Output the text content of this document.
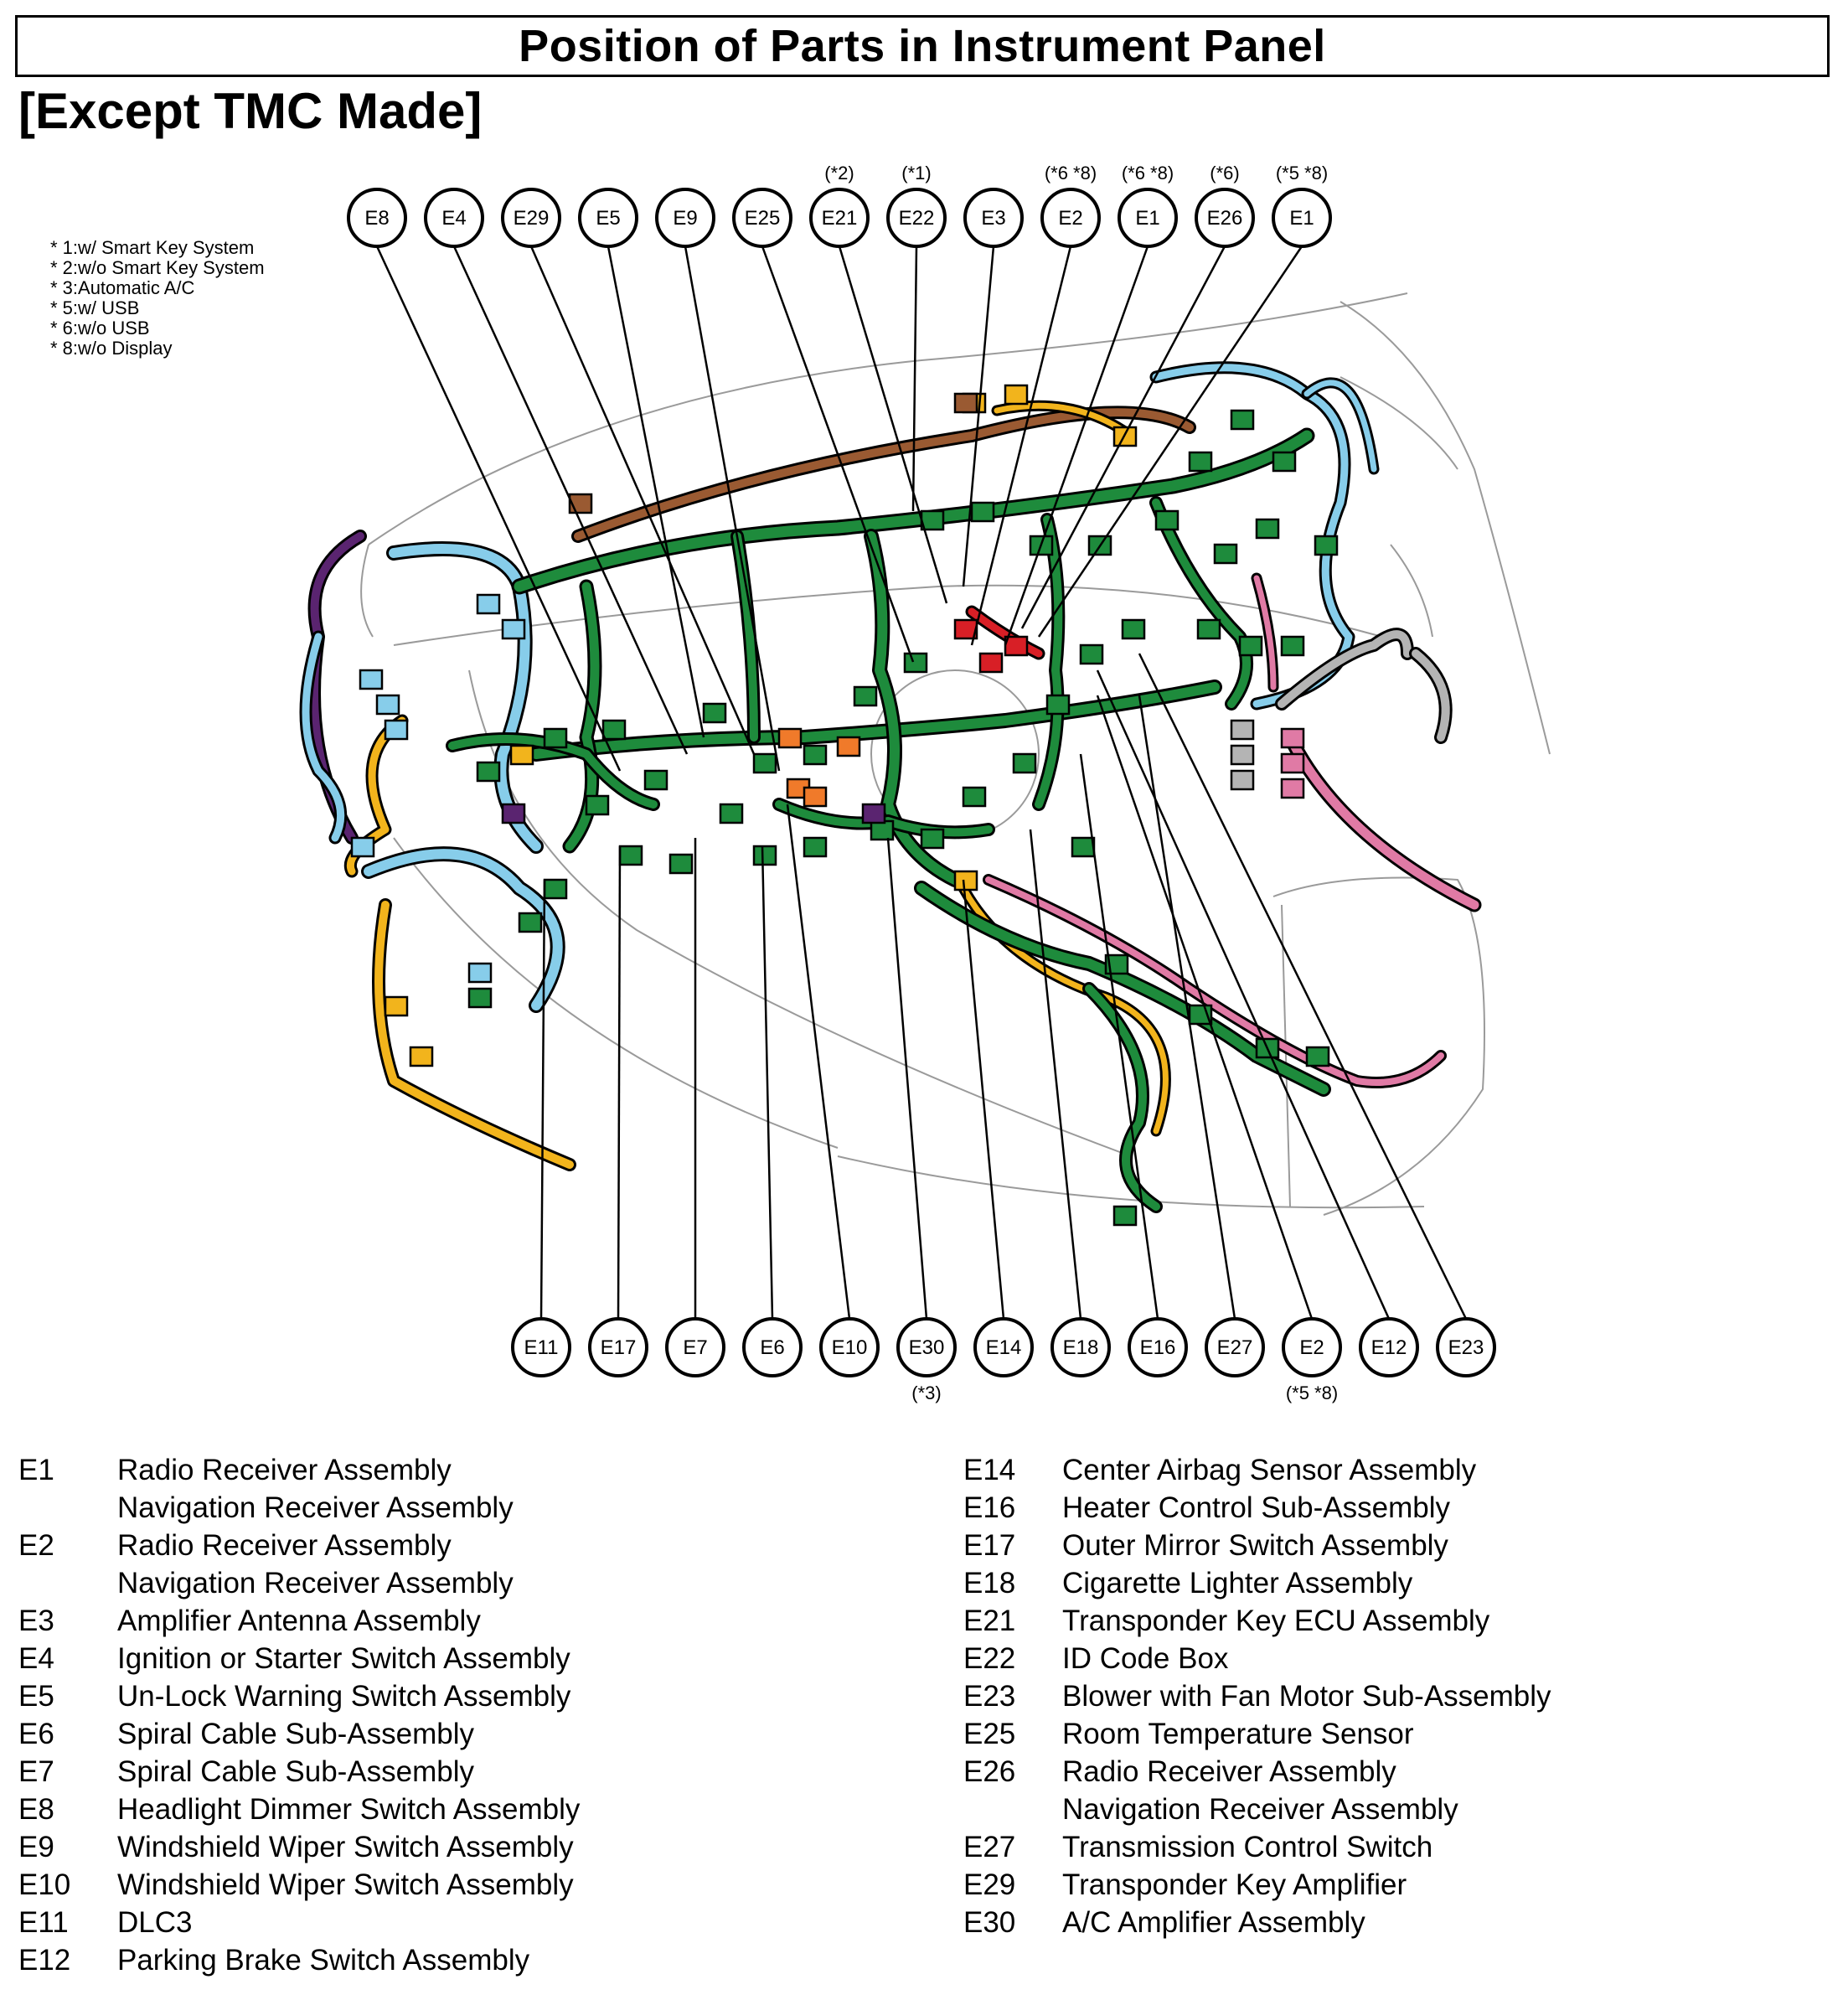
Position of Parts in Instrument Panel
[Except TMC Made]
* 1:w/ Smart Key System
* 2:w/o Smart Key System
* 3:Automatic A/C
* 5:w/ USB
* 6:w/o USB
* 8:w/o Display
E8	E4 E29 E5	E9 E25 E21
(*2)
E22
(*1)
E3	E2
(*6 *8)
E1
(*6 *8)
E26
(*6)
E1
(*5 *8)
E11 E17 E7	E6 E10 E30
(*3)
E14 E18 E16 E27 E2
(*5 *8)
E12 E23
E1	Radio Receiver Assembly
Navigation Receiver Assembly
E2	Radio Receiver Assembly
Navigation Receiver Assembly
E3	Amplifier Antenna Assembly
E4	Ignition or Starter Switch Assembly
E5	Un-Lock Warning Switch Assembly
E6	Spiral Cable Sub-Assembly
E7	Spiral Cable Sub-Assembly
E8	Headlight Dimmer Switch Assembly
E9	Windshield Wiper Switch Assembly
E10	Windshield Wiper Switch Assembly
E11	DLC3
E12	Parking Brake Switch Assembly
E14	Center Airbag Sensor Assembly
E16	Heater Control Sub-Assembly
E17	Outer Mirror Switch Assembly
E18	Cigarette Lighter Assembly
E21	Transponder Key ECU Assembly
E22	ID Code Box
E23	Blower with Fan Motor Sub-Assembly
E25	Room Temperature Sensor
E26	Radio Receiver Assembly
Navigation Receiver Assembly
E27	Transmission Control Switch
E29	Transponder Key Amplifier
E30	A/C Amplifier Assembly
